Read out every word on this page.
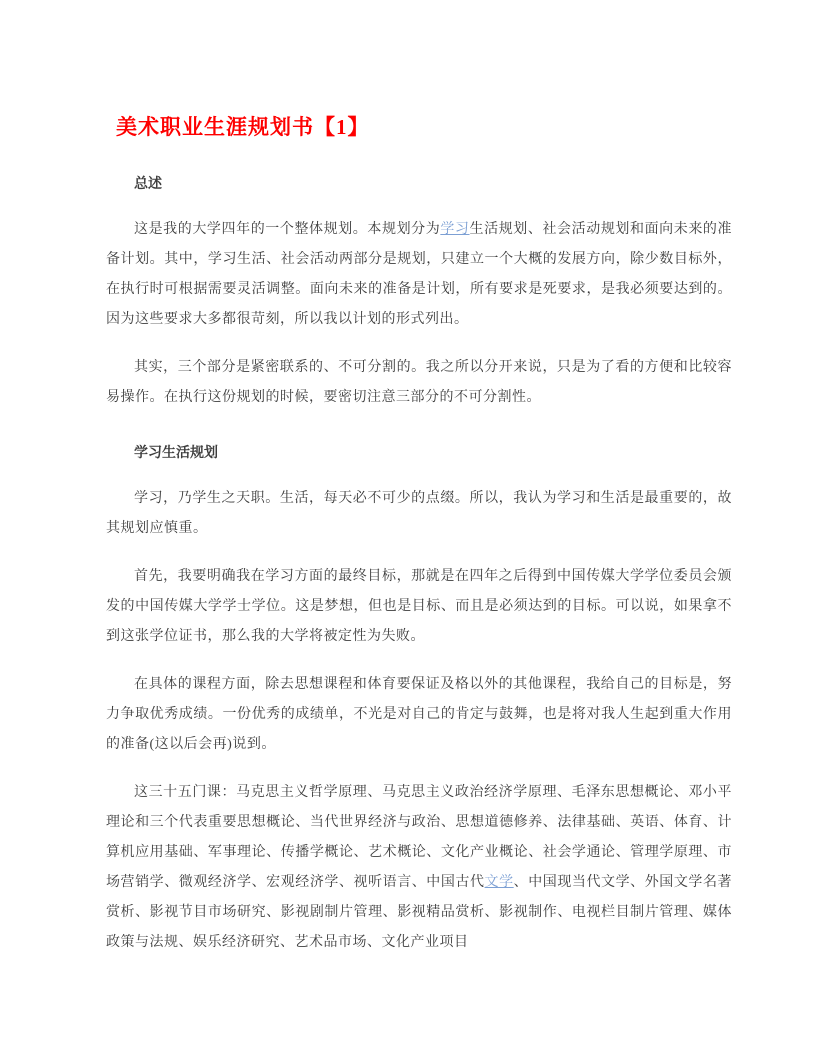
美术职业生涯规划书【1】
总述

这是我的大学四年的一个整体规划。本规划分为学习生活规划、社会活动规划和面向未来的准备计划。其中，学习生活、社会活动两部分是规划，只建立一个大概的发展方向，除少数目标外，在执行时可根据需要灵活调整。面向未来的准备是计划，所有要求是死要求，是我必须要达到的。因为这些要求大多都很苛刻，所以我以计划的形式列出。

其实，三个部分是紧密联系的、不可分割的。我之所以分开来说，只是为了看的方便和比较容易操作。在执行这份规划的时候，要密切注意三部分的不可分割性。

学习生活规划

学习，乃学生之天职。生活，每天必不可少的点缀。所以，我认为学习和生活是最重要的，故其规划应慎重。

首先，我要明确我在学习方面的最终目标，那就是在四年之后得到中国传媒大学学位委员会颁发的中国传媒大学学士学位。这是梦想，但也是目标、而且是必须达到的目标。可以说，如果拿不到这张学位证书，那么我的大学将被定性为失败。

在具体的课程方面，除去思想课程和体育要保证及格以外的其他课程，我给自己的目标是，努力争取优秀成绩。一份优秀的成绩单，不光是对自己的肯定与鼓舞，也是将对我人生起到重大作用的准备(这以后会再)说到。

这三十五门课：马克思主义哲学原理、马克思主义政治经济学原理、毛泽东思想概论、邓小平理论和三个代表重要思想概论、当代世界经济与政治、思想道德修养、法律基础、英语、体育、计算机应用基础、军事理论、传播学概论、艺术概论、文化产业概论、社会学通论、管理学原理、市场营销学、微观经济学、宏观经济学、视听语言、中国古代文学、中国现当代文学、外国文学名著赏析、影视节目市场研究、影视剧制片管理、影视精品赏析、影视制作、电视栏目制片管理、媒体政策与法规、娱乐经济研究、艺术品市场、文化产业项目
